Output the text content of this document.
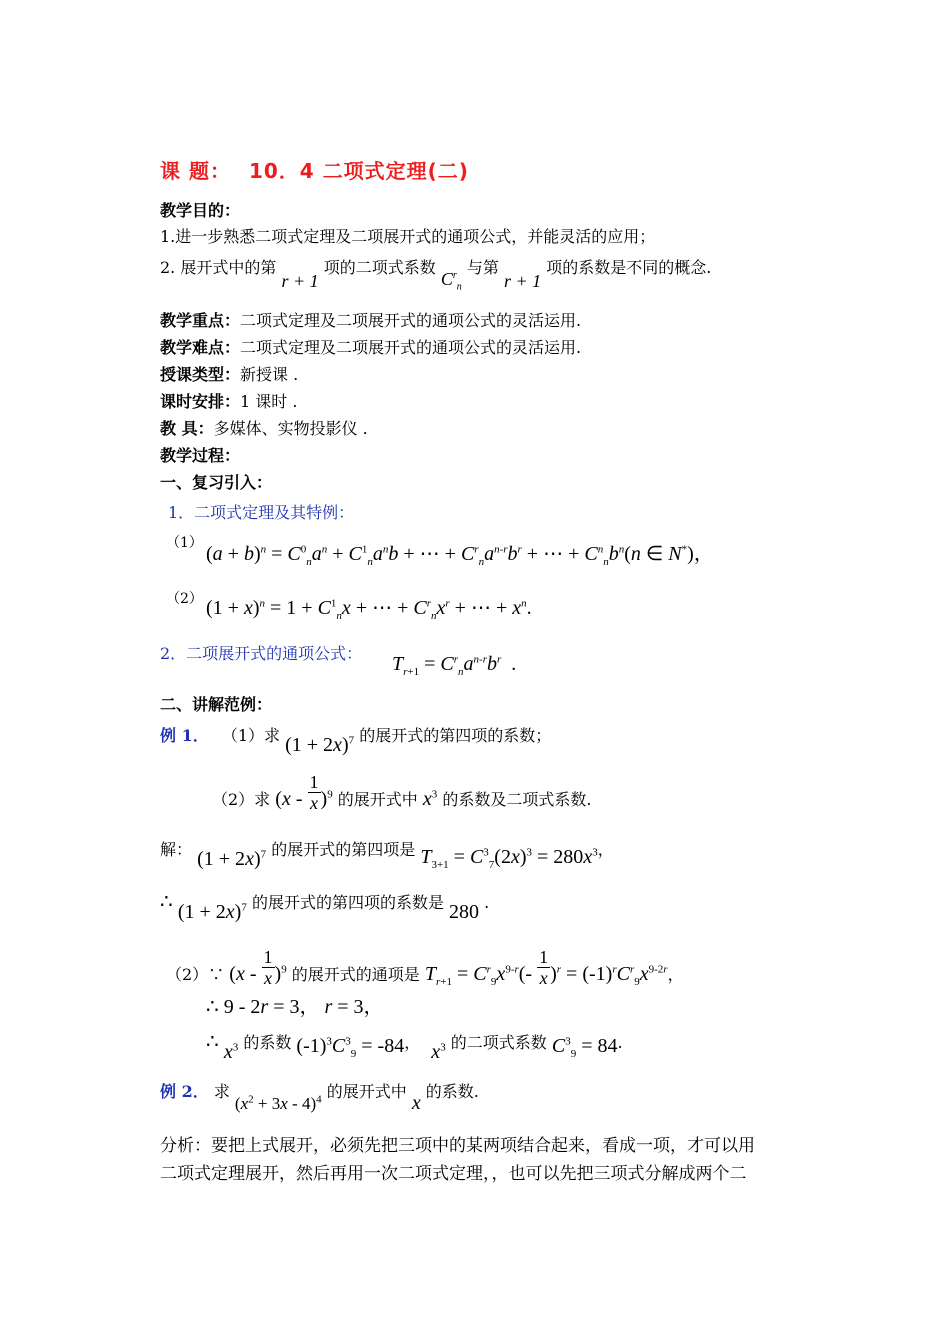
课 题： 10．4 二项式定理(二)
教学目的：
1.进一步熟悉二项式定理及二项展开式的通项公式，并能灵活的应用；
2. 展开式中的第 r + 1 项的二项式系数 $C^r_n$ 与第 r + 1 项的系数是不同的概念.
教学重点：二项式定理及二项展开式的通项公式的灵活运用.
教学难点：二项式定理及二项展开式的通项公式的灵活运用.
授课类型：新授课 .
课时安排：1 课时 .
教 具：多媒体、实物投影仪 .
教学过程：
一、复习引入：
1．二项式定理及其特例：
（1） $(a + b)^n = C^0_na^n + C^1_na^nb$ + ⋯ + $C^r_na^{n-r}b^r$ + ⋯ + $C^n_nb^n(n$ ∈ N*)，
（2） $(1 + x)^n = 1 + C^1_nx$ + ⋯ + $C^r_nx^r$ + ⋯ + $x^n$.
2．二项展开式的通项公式： $T_{r+1} = C^r_na^{n-r}b^r$  .
二、讲解范例：
例 1． （1）求 $(1 + 2x)^7$ 的展开式的第四项的系数；
（2）求 $(x - \frac{1}{x} )^9$ 的展开式中 $x^3$ 的系数及二项式系数.
解： $(1 + 2x)^7$ 的展开式的第四项是 $T_{3+1} = C^3_7(2x)^3 = 280x^3$，
∴ $(1 + 2x)^7$ 的展开式的第四项的系数是 280 .
（2）∵ $(x - \frac{1}{x} )^9$ 的展开式的通项是 $T_{r+1} = C^r_9x^{9-r}(- \frac{1}{x} )^r = (-1)^rC^r_9x^{9-2r}$，
∴ 9 - 2r = 3， r = 3，
∴ $x^3$ 的系数 $(-1)^3C^3_9 = -84$， $x^3$ 的二项式系数 $C^3_9 = 84$.
例 2． 求 $(x^2 + 3x - 4)^4$ 的展开式中 x 的系数.
分析：要把上式展开，必须先把三项中的某两项结合起来，看成一项，才可以用
二项式定理展开，然后再用一次二项式定理，，也可以先把三项式分解成两个二
